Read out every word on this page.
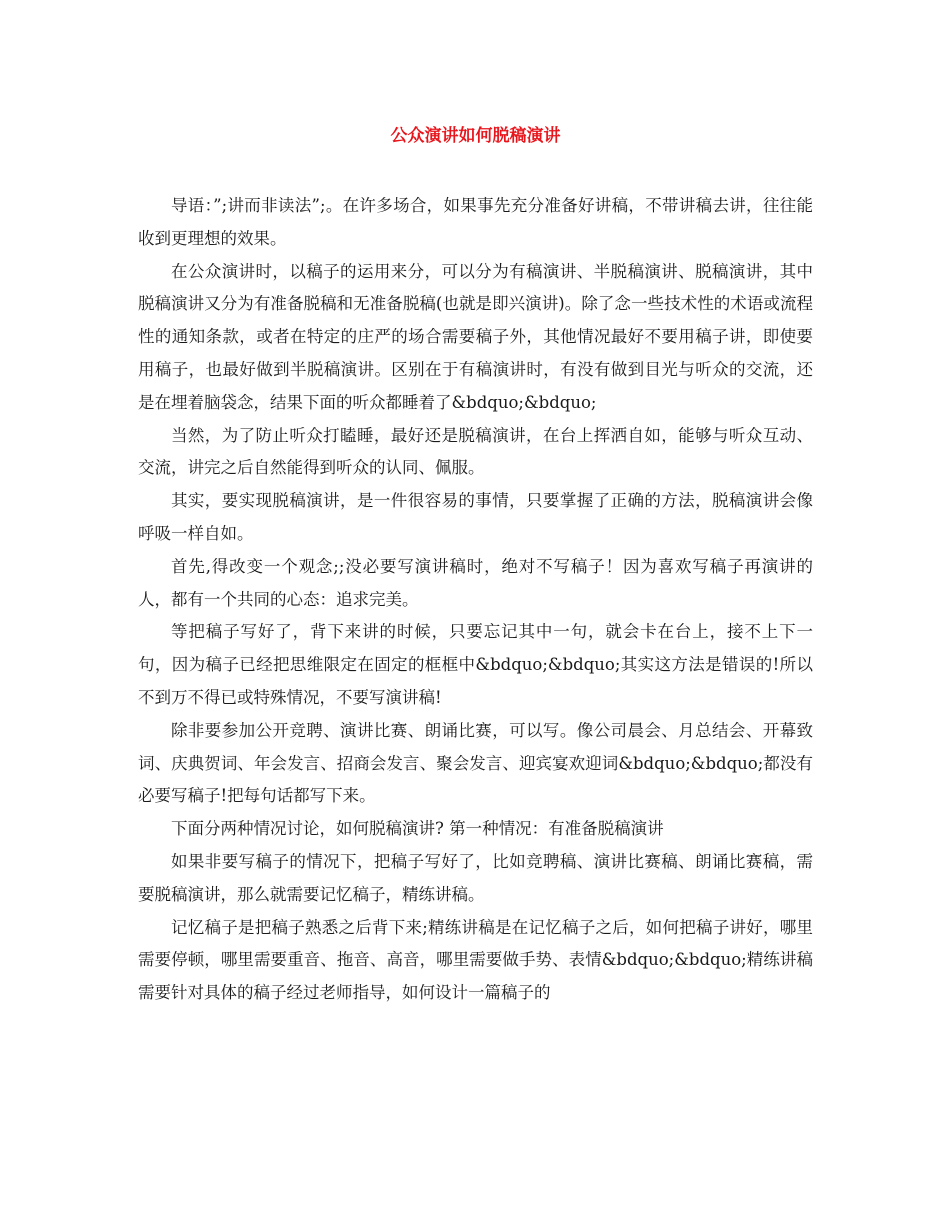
公众演讲如何脱稿演讲

导语：”;讲而非读法”;。在许多场合，如果事先充分准备好讲稿，不带讲稿去讲，往往能收到更理想的效果。

在公众演讲时，以稿子的运用来分，可以分为有稿演讲、半脱稿演讲、脱稿演讲，其中脱稿演讲又分为有准备脱稿和无准备脱稿(也就是即兴演讲)。除了念一些技术性的术语或流程性的通知条款，或者在特定的庄严的场合需要稿子外，其他情况最好不要用稿子讲，即使要用稿子，也最好做到半脱稿演讲。区别在于有稿演讲时，有没有做到目光与听众的交流，还是在埋着脑袋念，结果下面的听众都睡着了&bdquo;&bdquo;

当然，为了防止听众打瞌睡，最好还是脱稿演讲，在台上挥洒自如，能够与听众互动、交流，讲完之后自然能得到听众的认同、佩服。

其实，要实现脱稿演讲，是一件很容易的事情，只要掌握了正确的方法，脱稿演讲会像呼吸一样自如。

首先,得改变一个观念;;没必要写演讲稿时，绝对不写稿子！因为喜欢写稿子再演讲的人，都有一个共同的心态：追求完美。

等把稿子写好了，背下来讲的时候，只要忘记其中一句，就会卡在台上，接不上下一句，因为稿子已经把思维限定在固定的框框中&bdquo;&bdquo;其实这方法是错误的!所以不到万不得已或特殊情况，不要写演讲稿!

除非要参加公开竞聘、演讲比赛、朗诵比赛，可以写。像公司晨会、月总结会、开幕致词、庆典贺词、年会发言、招商会发言、聚会发言、迎宾宴欢迎词&bdquo;&bdquo;都没有必要写稿子!把每句话都写下来。

下面分两种情况讨论，如何脱稿演讲? 第一种情况：有准备脱稿演讲

如果非要写稿子的情况下，把稿子写好了，比如竞聘稿、演讲比赛稿、朗诵比赛稿，需要脱稿演讲，那么就需要记忆稿子，精练讲稿。

记忆稿子是把稿子熟悉之后背下来;精练讲稿是在记忆稿子之后，如何把稿子讲好，哪里需要停顿，哪里需要重音、拖音、高音，哪里需要做手势、表情&bdquo;&bdquo;精练讲稿需要针对具体的稿子经过老师指导，如何设计一篇稿子的
